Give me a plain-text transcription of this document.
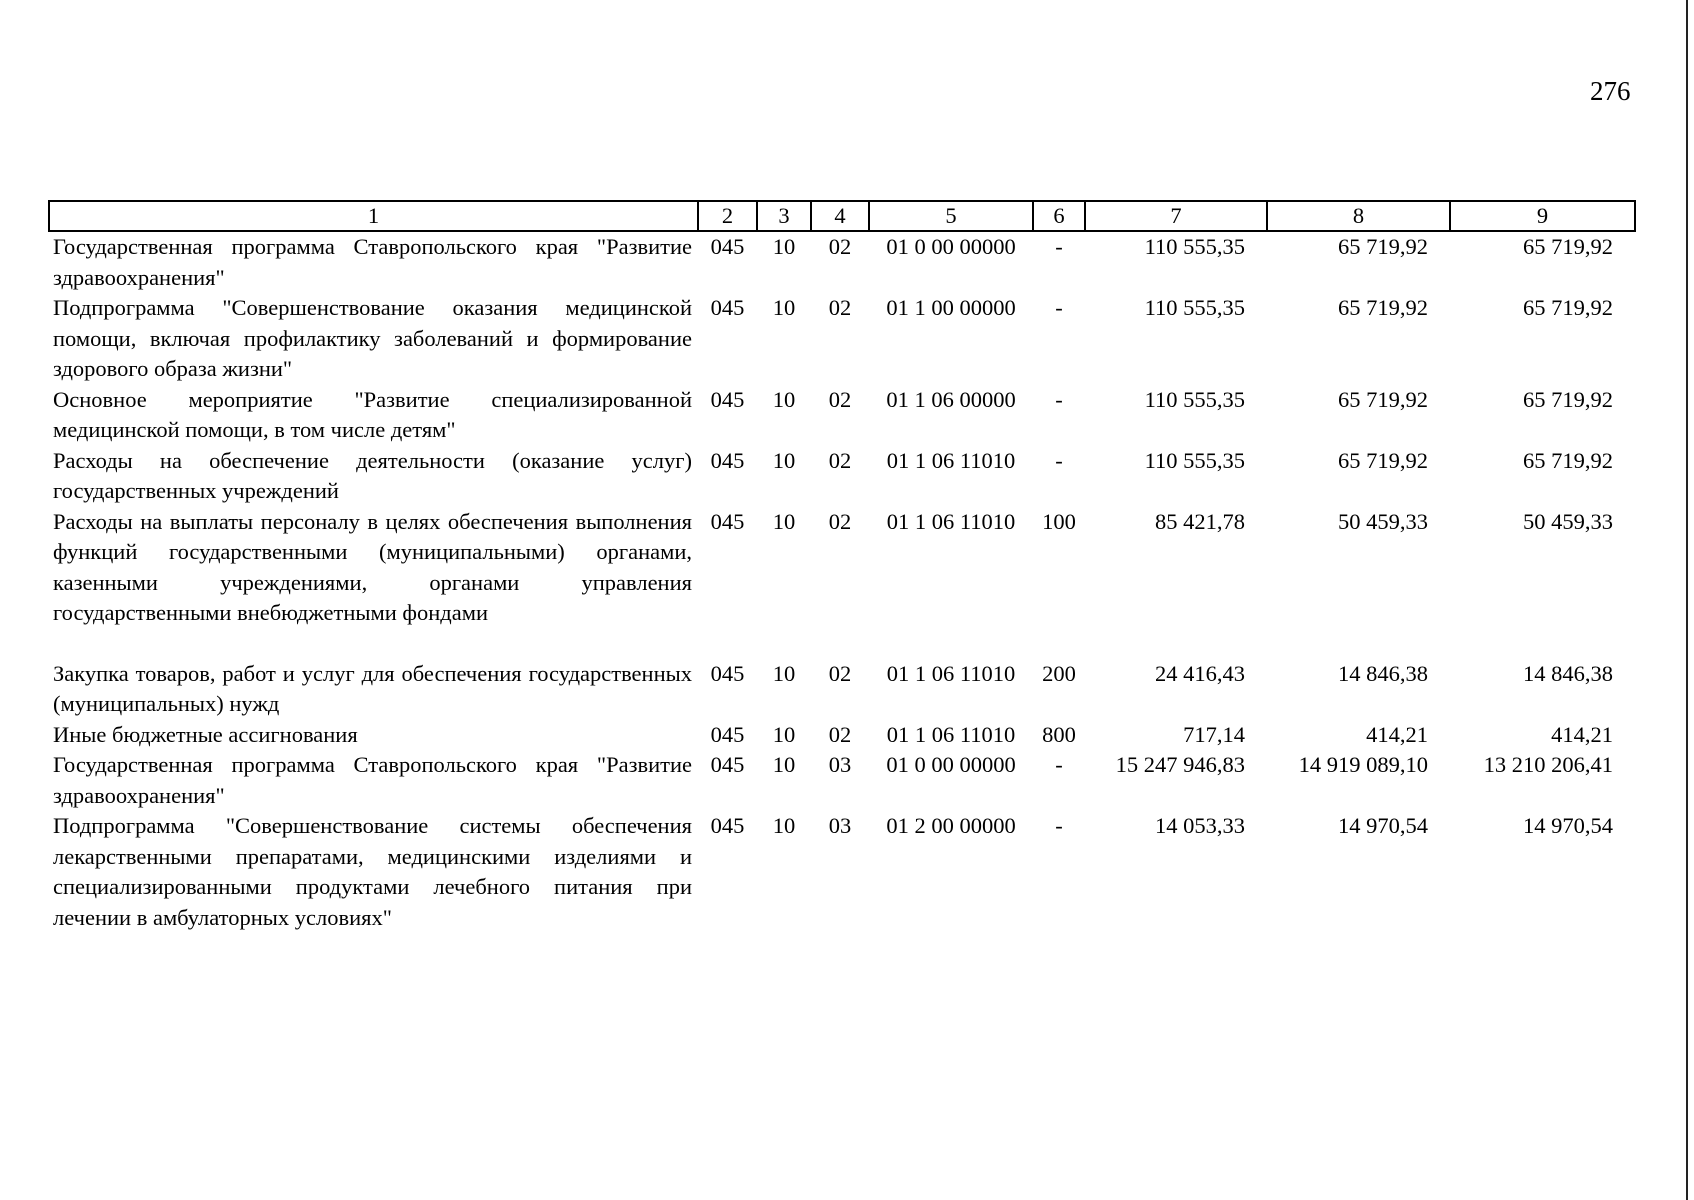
276
1	2	3	4	5	6	7	8	9
Государственная программа Ставропольского края "Развитие здравоохранения"	045	10	02	01 0 00 00000	-	110 555,35	65 719,92	65 719,92
Подпрограмма "Совершенствование оказания медицинской помощи, включая профилактику заболеваний и формирование здорового образа жизни"	045	10	02	01 1 00 00000	-	110 555,35	65 719,92	65 719,92
Основное мероприятие "Развитие специализированной медицинской помощи, в том числе детям"	045	10	02	01 1 06 00000	-	110 555,35	65 719,92	65 719,92
Расходы на обеспечение деятельности (оказание услуг) государственных учреждений	045	10	02	01 1 06 11010	-	110 555,35	65 719,92	65 719,92
Расходы на выплаты персоналу в целях обеспечения выполнения функций государственными (муниципальными) органами, казенными учреждениями, органами управления государственными внебюджетными фондами	045	10	02	01 1 06 11010	100	85 421,78	50 459,33	50 459,33
Закупка товаров, работ и услуг для обеспечения государственных (муниципальных) нужд	045	10	02	01 1 06 11010	200	24 416,43	14 846,38	14 846,38
Иные бюджетные ассигнования	045	10	02	01 1 06 11010	800	717,14	414,21	414,21
Государственная программа Ставропольского края "Развитие здравоохранения"	045	10	03	01 0 00 00000	-	15 247 946,83	14 919 089,10	13 210 206,41
Подпрограмма "Совершенствование системы обеспечения лекарственными препаратами, медицинскими изделиями и специализированными продуктами лечебного питания при лечении в амбулаторных условиях"	045	10	03	01 2 00 00000	-	14 053,33	14 970,54	14 970,54
